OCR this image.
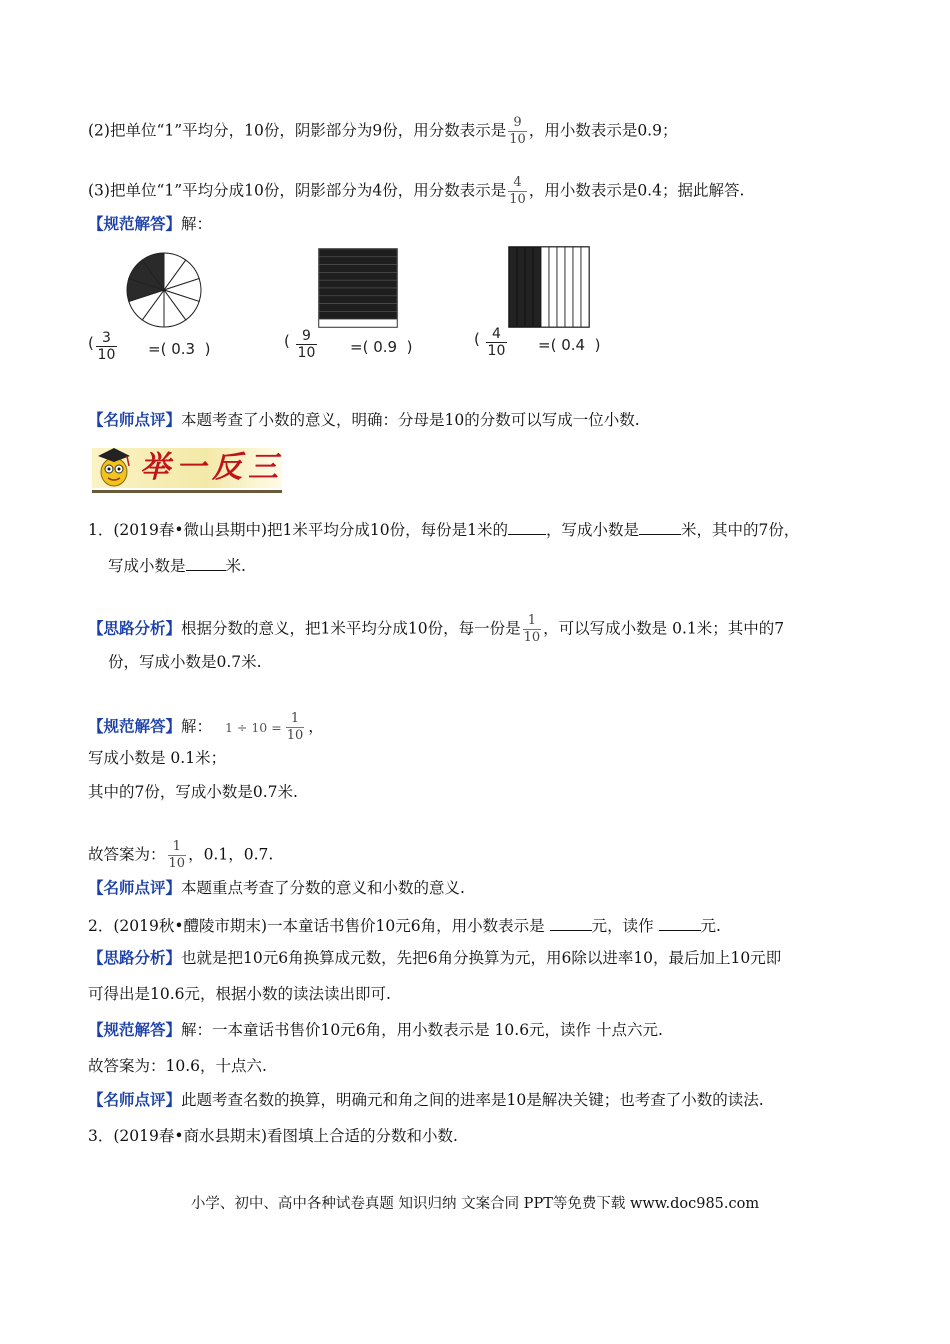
(2)把单位“1”平均分，10份，阴影部分为9份，用分数表示是 $\frac{9}{10}$ ，用小数表示是0.9；
(3)把单位“1”平均分成10份，阴影部分为4份，用分数表示是 $\frac{4}{10}$ ，用小数表示是0.4；据此解答.
【规范解答】解：
( $\frac{3}{10}$ =( 0.3 )	( $\frac{9}{10}$ =( 0.9 )	( $\frac{4}{10}$ =( 0.4 )
【名师点评】本题考查了小数的意义，明确：分母是10的分数可以写成一位小数.
举一反三
1．(2019春•微山县期中)把1米平均分成10份，每份是1米的 ，写成小数是	米，其中的7份，
写成小数是	米.
【思路分析】根据分数的意义，把1米平均分成10份，每一份是 $\frac{1}{10}$ ，可以写成小数是 0.1米；其中的7
份，写成小数是0.7米.
【规范解答】解： $1 \div 10 = \frac{1}{10}$ ，
写成小数是 0.1米；
其中的7份，写成小数是0.7米.
故答案为： $\frac{1}{10}$ ，0.1，0.7.
【名师点评】本题重点考查了分数的意义和小数的意义.
2．(2019秋•醴陵市期末)一本童话书售价10元6角，用小数表示是	元，读作	元.
【思路分析】也就是把10元6角换算成元数，先把6角分换算为元，用6除以进率10，最后加上10元即
可得出是10.6元，根据小数的读法读出即可.
【规范解答】解：一本童话书售价10元6角，用小数表示是 10.6元，读作 十点六元.
故答案为：10.6，十点六.
【名师点评】此题考查名数的换算，明确元和角之间的进率是10是解决关键；也考查了小数的读法.
3．(2019春•商水县期末)看图填上合适的分数和小数.
小学、初中、高中各种试卷真题 知识归纳 文案合同 PPT等免费下载 www.doc985.com
